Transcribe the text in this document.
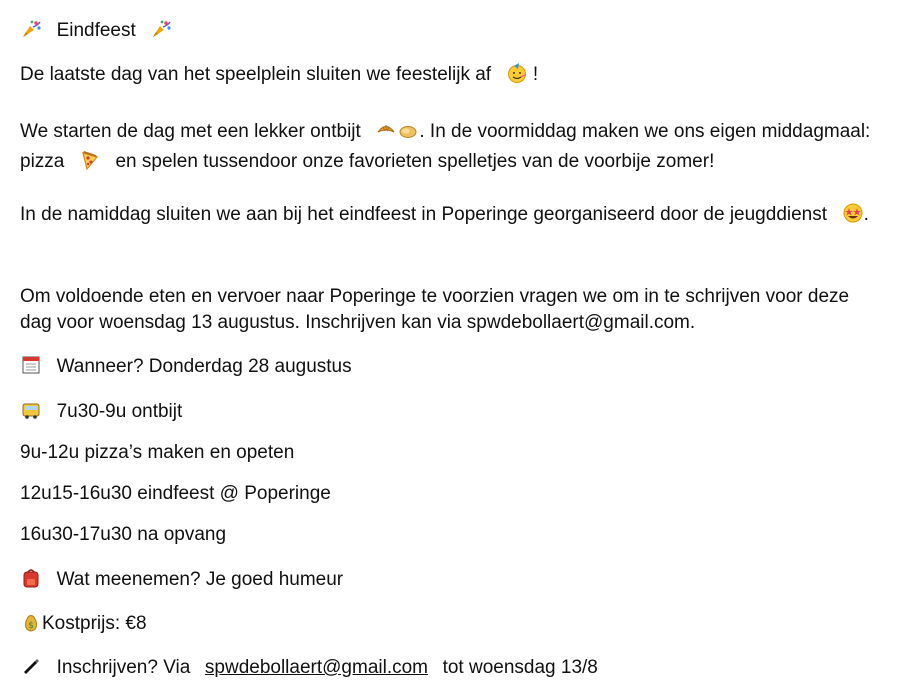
Eindfeest
De laatste dag van het speelplein sluiten we feestelijk af !
We starten de dag met een lekker ontbijt	. In de voormiddag maken we ons eigen middagmaal: pizza	en spelen tussendoor onze favorieten spelletjes van de voorbije zomer!
In de namiddag sluiten we aan bij het eindfeest in Poperinge georganiseerd door de jeugddienst .
Om voldoende eten en vervoer naar Poperinge te voorzien vragen we om in te schrijven voor deze dag voor woensdag 13 augustus. Inschrijven kan via spwdebollaert@gmail.com.
Wanneer? Donderdag 28 augustus
7u30-9u ontbijt
9u-12u pizza’s maken en opeten
12u15-16u30 eindfeest @ Poperinge
16u30-17u30 na opvang
Wat meenemen? Je goed humeur
$ Kostprijs: €8
Inschrijven? Via spwdebollaert@gmail.com tot woensdag 13/8
